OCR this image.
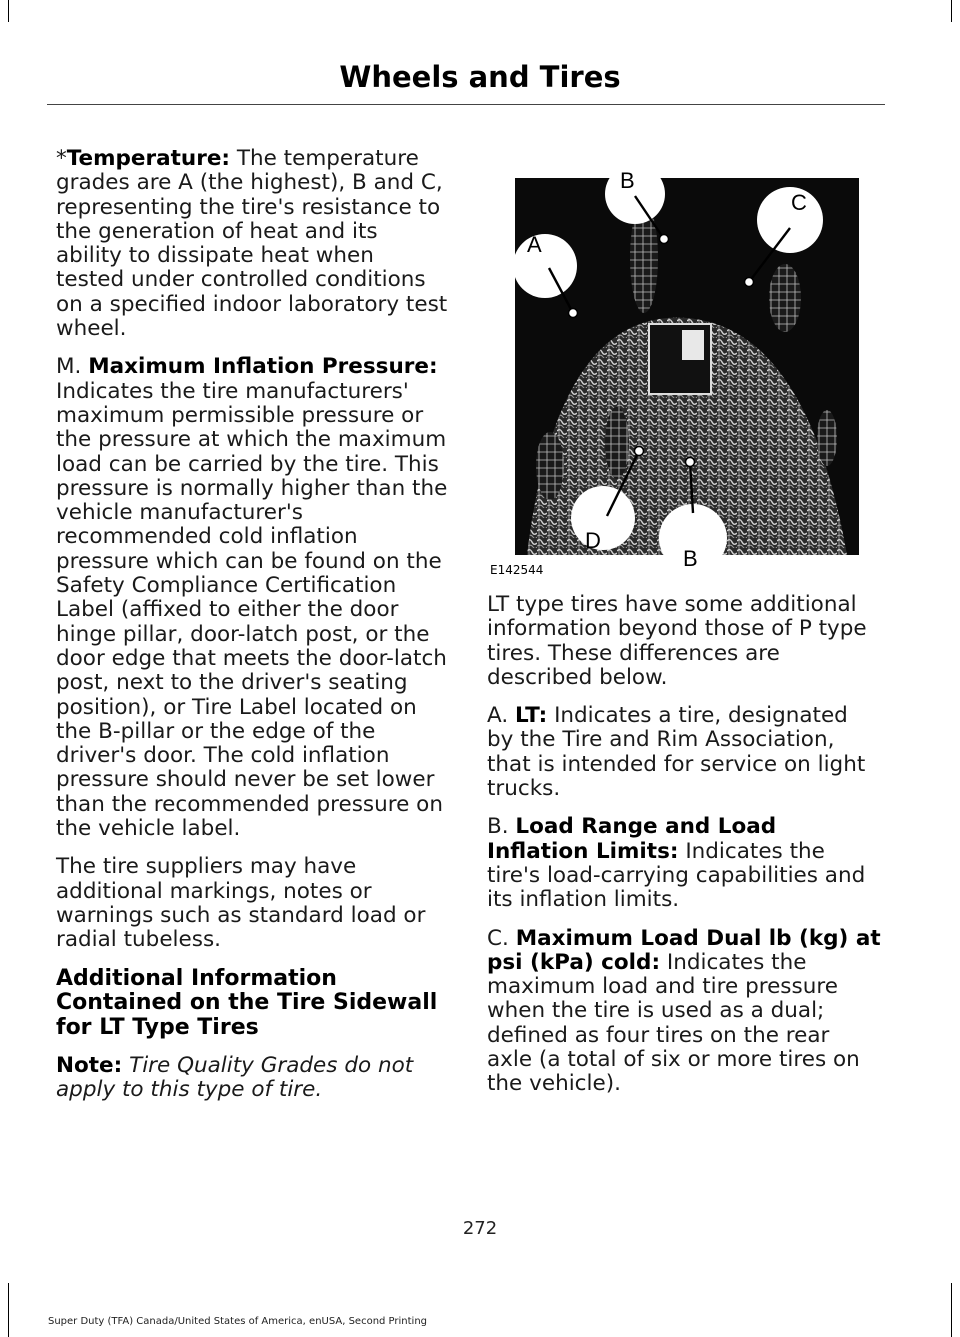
Wheels and Tires

*Temperature: The temperature grades are A (the highest), B and C, representing the tire's resistance to the generation of heat and its ability to dissipate heat when tested under controlled conditions on a specified indoor laboratory test wheel.

M. Maximum Inflation Pressure: Indicates the tire manufacturers' maximum permissible pressure or the pressure at which the maximum load can be carried by the tire. This pressure is normally higher than the vehicle manufacturer's recommended cold inflation pressure which can be found on the Safety Compliance Certification Label (affixed to either the door hinge pillar, door-latch post, or the door edge that meets the door-latch post, next to the driver's seating position), or Tire Label located on the B-pillar or the edge of the driver's door. The cold inflation pressure should never be set lower than the recommended pressure on the vehicle label.

The tire suppliers may have additional markings, notes or warnings such as standard load or radial tubeless.

Additional Information Contained on the Tire Sidewall for LT Type Tires

Note: Tire Quality Grades do not apply to this type of tire.

A
B
C
D
B
E142544

LT type tires have some additional information beyond those of P type tires. These differences are described below.

A. LT: Indicates a tire, designated by the Tire and Rim Association, that is intended for service on light trucks.

B. Load Range and Load Inflation Limits: Indicates the tire's load-carrying capabilities and its inflation limits.

C. Maximum Load Dual lb (kg) at psi (kPa) cold: Indicates the maximum load and tire pressure when the tire is used as a dual; defined as four tires on the rear axle (a total of six or more tires on the vehicle).

272
Super Duty (TFA) Canada/United States of America, enUSA, Second Printing
